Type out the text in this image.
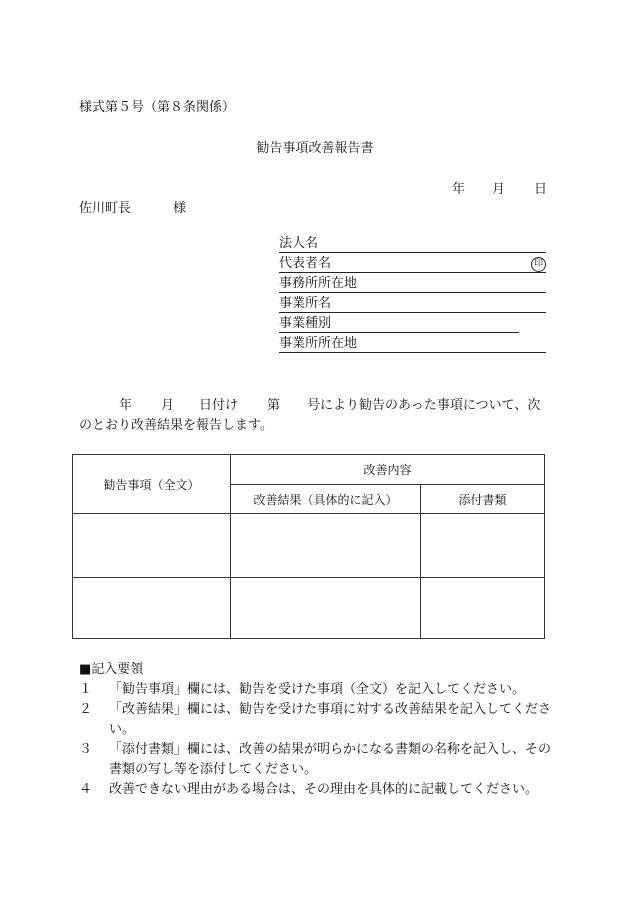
様式第５号（第８条関係）
勧告事項改善報告書
年	月	日
佐川町長	様
法人名
代表者名	印
事務所所在地
事業所名
事業種別
事業所所在地
年 月 日付け 第 号により勧告のあった事項について、次
のとおり改善結果を報告します。
勧告事項（全文）	改善内容	
	改善結果（具体的に記入）	添付書類

■記入要領
１	「勧告事項」欄には、勧告を受けた事項（全文）を記入してください。
２	「改善結果」欄には、勧告を受けた事項に対する改善結果を記入してください。
３	「添付書類」欄には、改善の結果が明らかになる書類の名称を記入し、その書類の写し等を添付してください。
４	改善できない理由がある場合は、その理由を具体的に記載してください。
